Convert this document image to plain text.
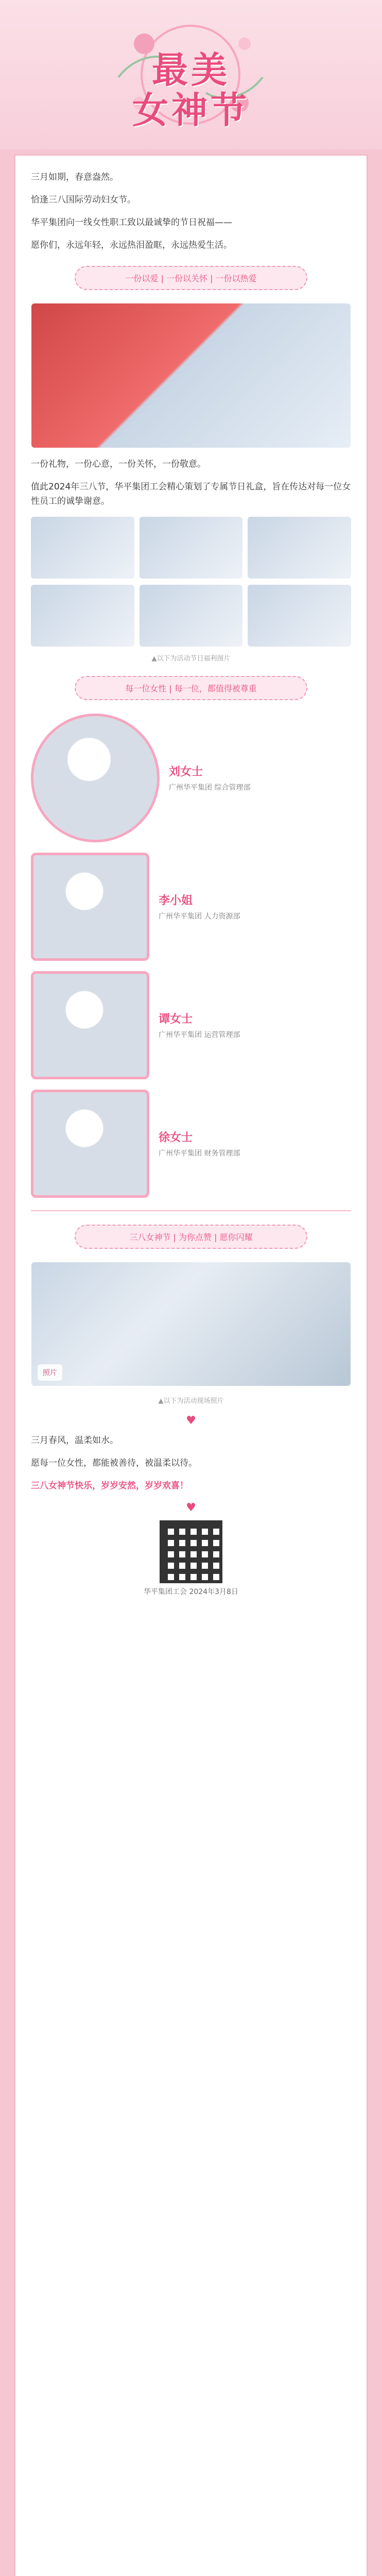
最美
女神节

三月如期，春意盎然。

恰逢三八国际劳动妇女节。

华平集团向一线女性职工致以最诚挚的节日祝福——

愿你们，永远年轻，永远热泪盈眶，永远热爱生活。

一份以爱 | 一份以关怀 | 一份以热爱

一份礼物，一份心意，一份关怀，一份敬意。

值此2024年三八节，华平集团工会精心策划了专属节日礼盒，旨在传达对每一位女性员工的诚挚谢意。

▲以下为活动节日福利图片
每一位女性 | 每一位，都值得被尊重
刘女士
广州华平集团 综合管理部
李小姐
广州华平集团 人力资源部
谭女士
广州华平集团 运营管理部
徐女士
广州华平集团 财务管理部
三八女神节 | 为你点赞 | 愿你闪耀
照片
▲以下为活动现场照片
♥

三月春风，温柔如水。

愿每一位女性，都能被善待，被温柔以待。

三八女神节快乐，岁岁安然，岁岁欢喜！

♥
华平集团工会 2024年3月8日
